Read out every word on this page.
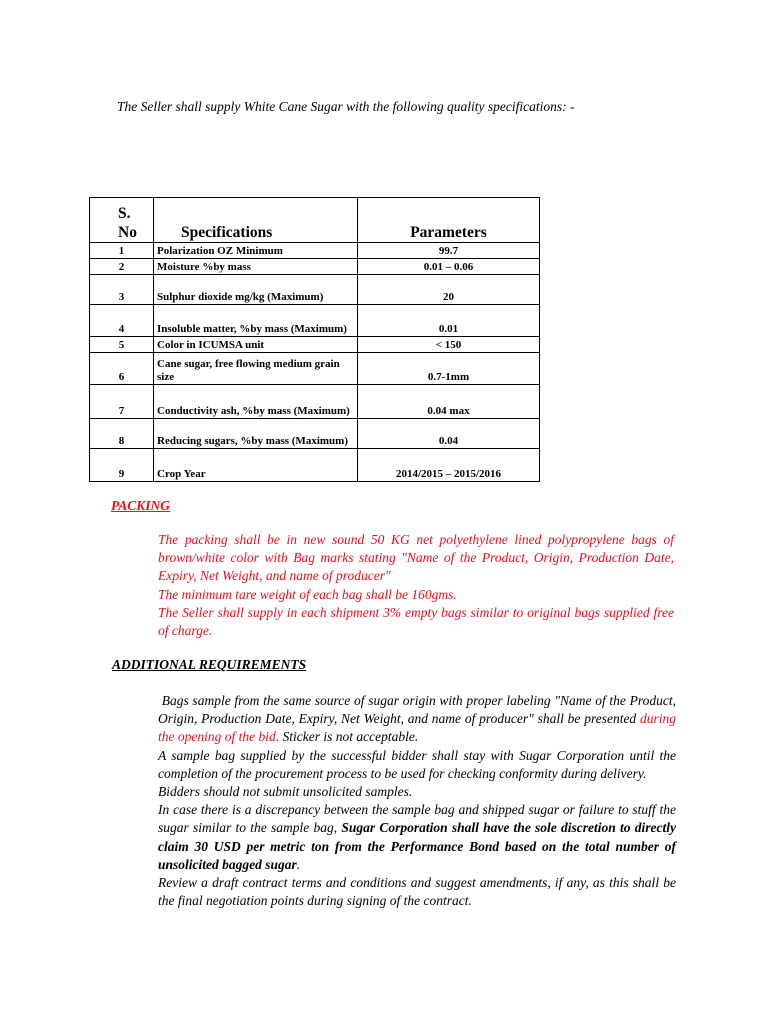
The Seller shall supply White Cane Sugar with the following quality specifications: -
S. No	Specifications	Parameters
1	Polarization OZ Minimum	99.7
2	Moisture %by mass	0.01 – 0.06
3	Sulphur dioxide mg/kg (Maximum)	20
4	Insoluble matter, %by mass (Maximum)	0.01
5	Color in ICUMSA unit	< 150
6	Cane sugar, free flowing medium grain size	0.7-1mm
7	Conductivity ash, %by mass (Maximum)	0.04 max
8	Reducing sugars, %by mass (Maximum)	0.04
9	Crop Year	2014/2015 – 2015/2016
PACKING

The packing shall be in new sound 50 KG net polyethylene lined polypropylene bags of brown/white color with Bag marks stating "Name of the Product, Origin, Production Date, Expiry, Net Weight, and name of producer"

The minimum tare weight of each bag shall be 160gms.

The Seller shall supply in each shipment 3% empty bags similar to original bags supplied free of charge.

ADDITIONAL REQUIREMENTS

Bags sample from the same source of sugar origin with proper labeling "Name of the Product, Origin, Production Date, Expiry, Net Weight, and name of producer" shall be presented during the opening of the bid. Sticker is not acceptable.

A sample bag supplied by the successful bidder shall stay with Sugar Corporation until the completion of the procurement process to be used for checking conformity during delivery.

Bidders should not submit unsolicited samples.

In case there is a discrepancy between the sample bag and shipped sugar or failure to stuff the sugar similar to the sample bag, Sugar Corporation shall have the sole discretion to directly claim 30 USD per metric ton from the Performance Bond based on the total number of unsolicited bagged sugar.

Review a draft contract terms and conditions and suggest amendments, if any, as this shall be the final negotiation points during signing of the contract.
